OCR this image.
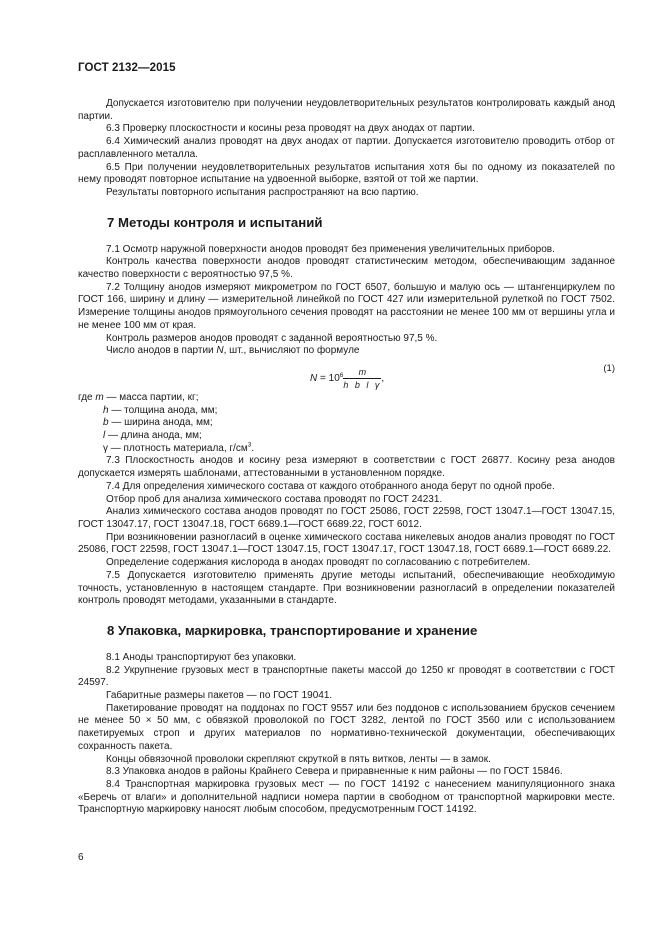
ГОСТ 2132—2015

Допускается изготовителю при получении неудовлетворительных результатов контролировать каждый анод партии.

6.3 Проверку плоскостности и косины реза проводят на двух анодах от партии.

6.4 Химический анализ проводят на двух анодах от партии. Допускается изготовителю проводить отбор от расплавленного металла.

6.5 При получении неудовлетворительных результатов испытания хотя бы по одному из показателей по нему проводят повторное испытание на удвоенной выборке, взятой от той же партии.

Результаты повторного испытания распространяют на всю партию.

7 Методы контроля и испытаний

7.1 Осмотр наружной поверхности анодов проводят без применения увеличительных приборов.

Контроль качества поверхности анодов проводят статистическим методом, обеспечивающим заданное качество поверхности с вероятностью 97,5 %.

7.2 Толщину анодов измеряют микрометром по ГОСТ 6507, большую и малую ось — штангенциркулем по ГОСТ 166, ширину и длину — измерительной линейкой по ГОСТ 427 или измерительной рулеткой по ГОСТ 7502. Измерение толщины анодов прямоугольного сечения проводят на расстоянии не менее 100 мм от вершины угла и не менее 100 мм от края.

Контроль размеров анодов проводят с заданной вероятностью 97,5 %.

Число анодов в партии N, шт., вычисляют по формуле

$N = 10^6 \frac{m}{\text{h b l γ}}$ ,
(1)
где m — масса партии, кг;
h — толщина анода, мм;
b — ширина анода, мм;
l — длина анода, мм;
γ — плотность материала, $г/см^3$.

7.3 Плоскостность анодов и косину реза измеряют в соответствии с ГОСТ 26877. Косину реза анодов допускается измерять шаблонами, аттестованными в установленном порядке.

7.4 Для определения химического состава от каждого отобранного анода берут по одной пробе.

Отбор проб для анализа химического состава проводят по ГОСТ 24231.

Анализ химического состава анодов проводят по ГОСТ 25086, ГОСТ 22598, ГОСТ 13047.1—ГОСТ 13047.15, ГОСТ 13047.17, ГОСТ 13047.18, ГОСТ 6689.1—ГОСТ 6689.22, ГОСТ 6012.

При возникновении разногласий в оценке химического состава никелевых анодов анализ проводят по ГОСТ 25086, ГОСТ 22598, ГОСТ 13047.1—ГОСТ 13047.15, ГОСТ 13047.17, ГОСТ 13047.18, ГОСТ 6689.1—ГОСТ 6689.22.

Определение содержания кислорода в анодах проводят по согласованию с потребителем.

7.5 Допускается изготовителю применять другие методы испытаний, обеспечивающие необходимую точность, установленную в настоящем стандарте. При возникновении разногласий в определении показателей контроль проводят методами, указанными в стандарте.

8 Упаковка, маркировка, транспортирование и хранение

8.1 Аноды транспортируют без упаковки.

8.2 Укрупнение грузовых мест в транспортные пакеты массой до 1250 кг проводят в соответствии с ГОСТ 24597.

Габаритные размеры пакетов — по ГОСТ 19041.

Пакетирование проводят на поддонах по ГОСТ 9557 или без поддонов с использованием брусков сечением не менее 50 × 50 мм, с обвязкой проволокой по ГОСТ 3282, лентой по ГОСТ 3560 или с использованием пакетируемых строп и других материалов по нормативно-технической документации, обеспечивающих сохранность пакета.

Концы обвязочной проволоки скрепляют скруткой в пять витков, ленты — в замок.

8.3 Упаковка анодов в районы Крайнего Севера и приравненные к ним районы — по ГОСТ 15846.

8.4 Транспортная маркировка грузовых мест — по ГОСТ 14192 с нанесением манипуляционного знака «Беречь от влаги» и дополнительной надписи номера партии в свободном от транспортной маркировки месте. Транспортную маркировку наносят любым способом, предусмотренным ГОСТ 14192.

6
